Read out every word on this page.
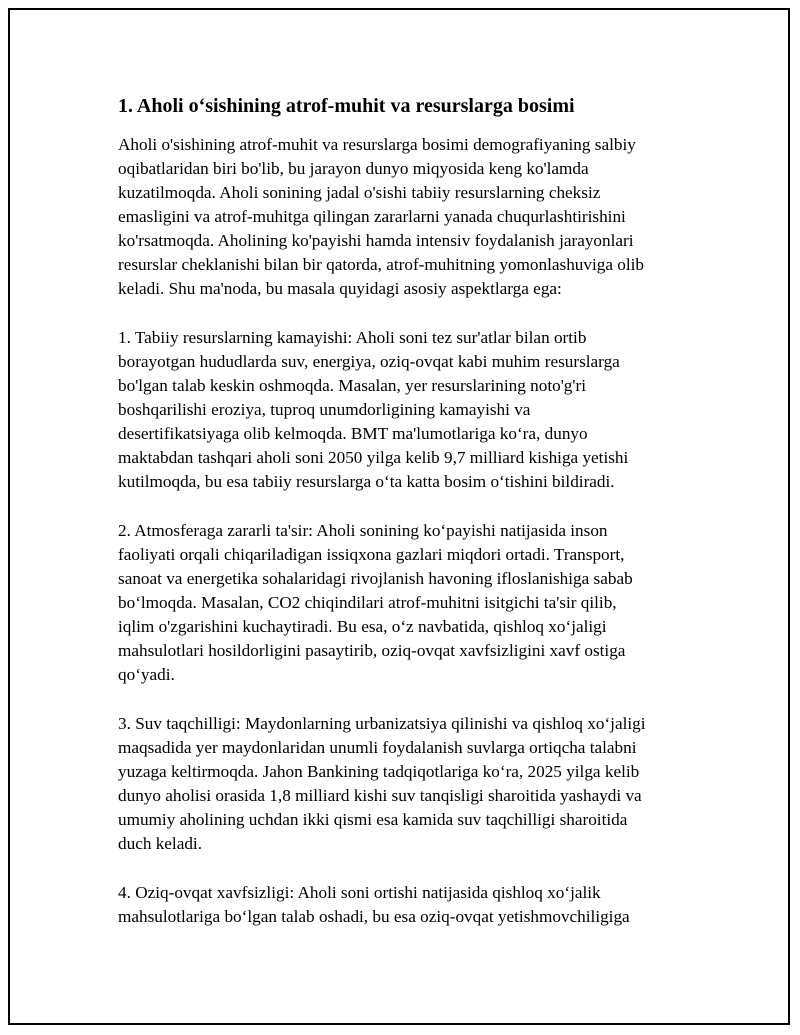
1. Aholi o‘sishining atrof-muhit va resurslarga bosimi

Aholi o'sishining atrof-muhit va resurslarga bosimi demografiyaning salbiy
oqibatlaridan biri bo'lib, bu jarayon dunyo miqyosida keng ko'lamda
kuzatilmoqda. Aholi sonining jadal o'sishi tabiiy resurslarning cheksiz
emasligini va atrof-muhitga qilingan zararlarni yanada chuqurlashtirishini
ko'rsatmoqda. Aholining ko'payishi hamda intensiv foydalanish jarayonlari
resurslar cheklanishi bilan bir qatorda, atrof-muhitning yomonlashuviga olib
keladi. Shu ma'noda, bu masala quyidagi asosiy aspektlarga ega:

1. Tabiiy resurslarning kamayishi: Aholi soni tez sur'atlar bilan ortib
borayotgan hududlarda suv, energiya, oziq-ovqat kabi muhim resurslarga
bo'lgan talab keskin oshmoqda. Masalan, yer resurslarining noto'g'ri
boshqarilishi eroziya, tuproq unumdorligining kamayishi va
desertifikatsiyaga olib kelmoqda. BMT ma'lumotlariga ko‘ra, dunyo
maktabdan tashqari aholi soni 2050 yilga kelib 9,7 milliard kishiga yetishi
kutilmoqda, bu esa tabiiy resurslarga o‘ta katta bosim o‘tishini bildiradi.

2. Atmosferaga zararli ta'sir: Aholi sonining ko‘payishi natijasida inson
faoliyati orqali chiqariladigan issiqxona gazlari miqdori ortadi. Transport,
sanoat va energetika sohalaridagi rivojlanish havoning ifloslanishiga sabab
bo‘lmoqda. Masalan, CO2 chiqindilari atrof-muhitni isitgichi ta'sir qilib,
iqlim o'zgarishini kuchaytiradi. Bu esa, o‘z navbatida, qishloq xo‘jaligi
mahsulotlari hosildorligini pasaytirib, oziq-ovqat xavfsizligini xavf ostiga
qo‘yadi.

3. Suv taqchilligi: Maydonlarning urbanizatsiya qilinishi va qishloq xo‘jaligi
maqsadida yer maydonlaridan unumli foydalanish suvlarga ortiqcha talabni
yuzaga keltirmoqda. Jahon Bankining tadqiqotlariga ko‘ra, 2025 yilga kelib
dunyo aholisi orasida 1,8 milliard kishi suv tanqisligi sharoitida yashaydi va
umumiy aholining uchdan ikki qismi esa kamida suv taqchilligi sharoitida
duch keladi.

4. Oziq-ovqat xavfsizligi: Aholi soni ortishi natijasida qishloq xo‘jalik
mahsulotlariga bo‘lgan talab oshadi, bu esa oziq-ovqat yetishmovchiligiga
